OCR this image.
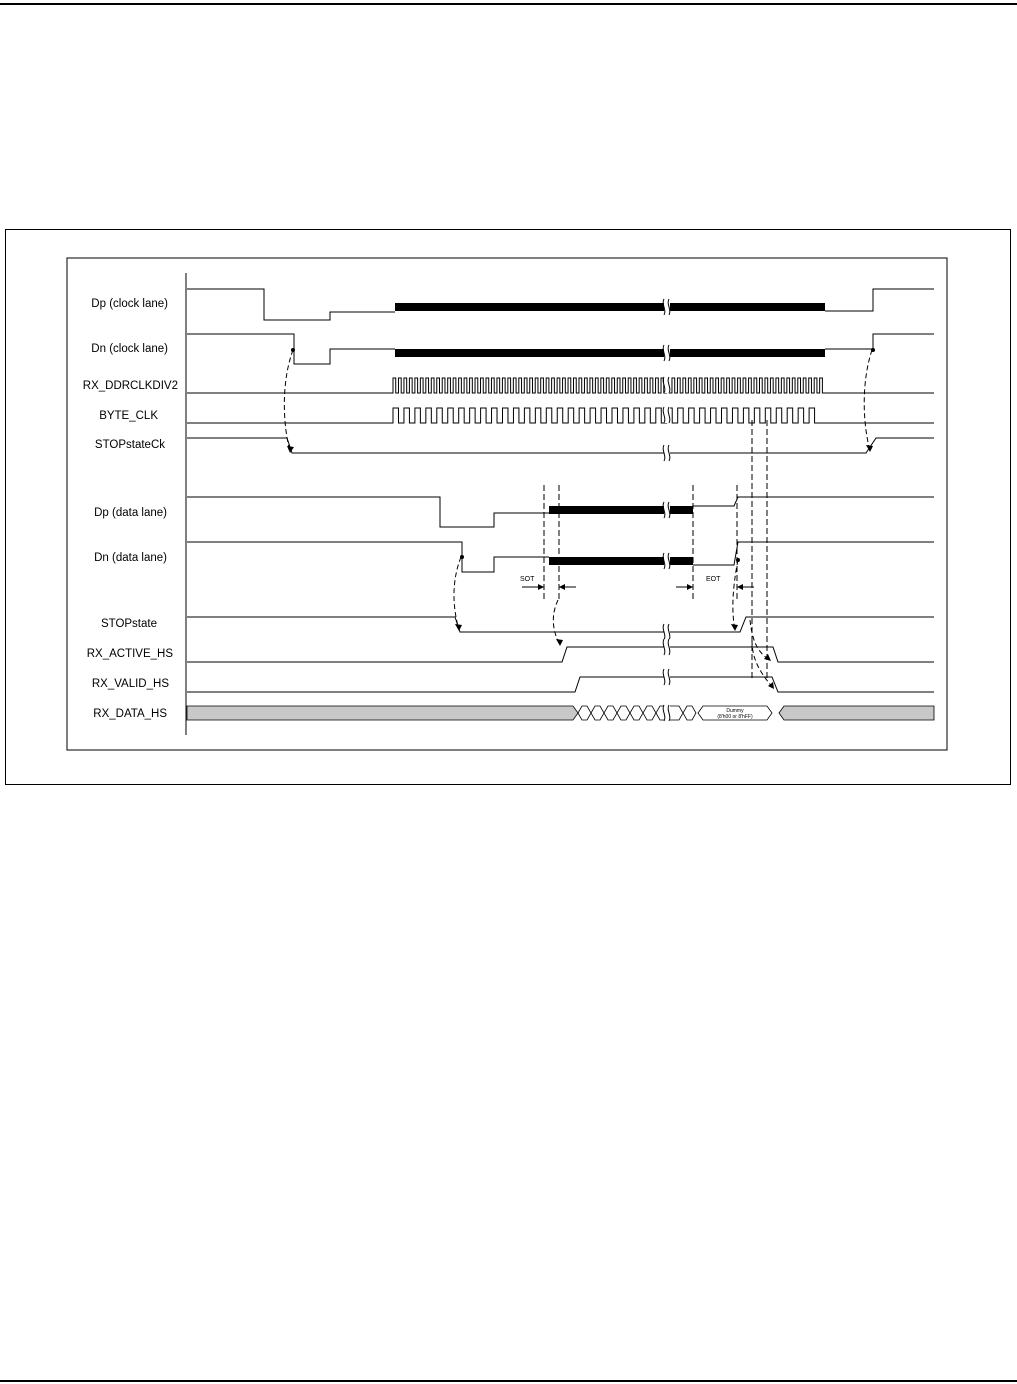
Dp (clock lane)
Dn (clock lane)
RX_DDRCLKDIV2
BYTE_CLK
STOPstateCk
Dp (data lane)
Dn (data lane)
STOPstate
RX_ACTIVE_HS
RX_VALID_HS
RX_DATA_HS	Dummy
(8'h00 or 8'hFF)
SOT	EOT
